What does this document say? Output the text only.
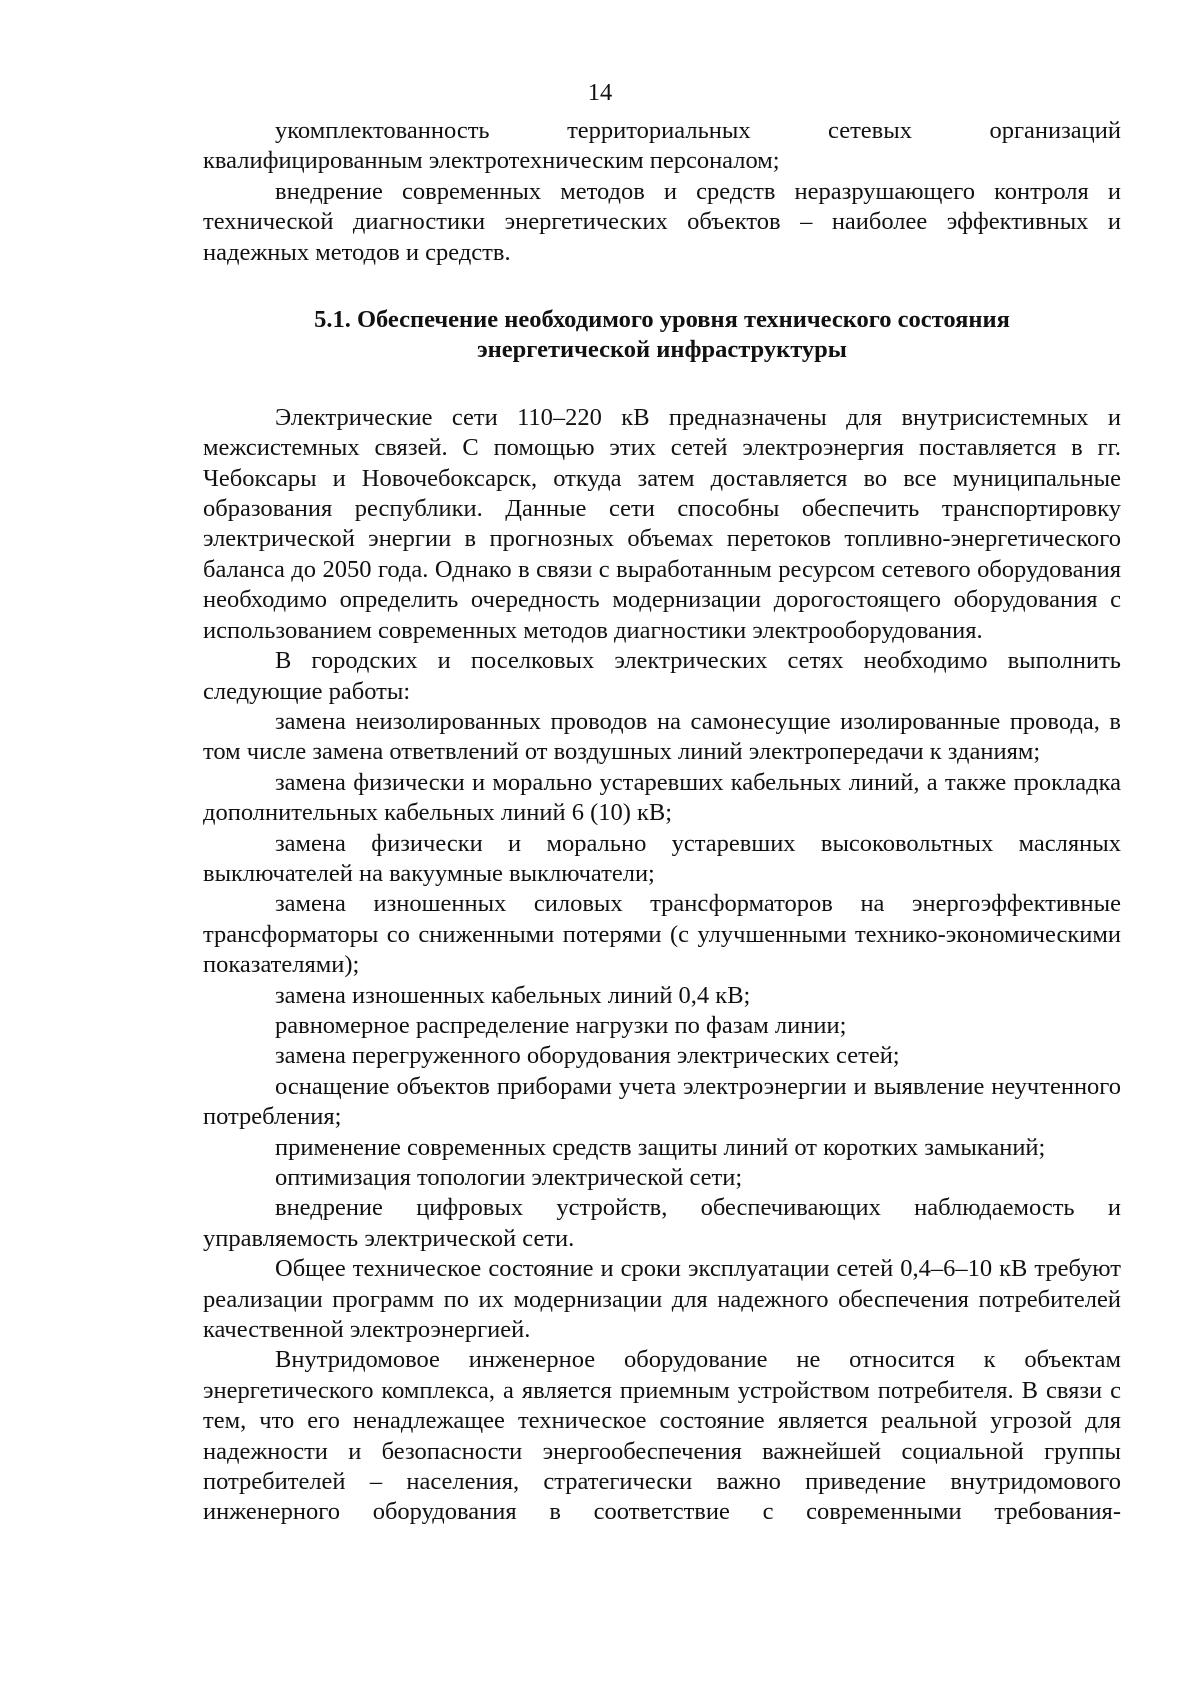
14

укомплектованность территориальных сетевых организаций квалифицированным электротехническим персоналом;

внедрение современных методов и средств неразрушающего контроля и технической диагностики энергетических объектов – наиболее эффективных и надежных методов и средств.

5.1. Обеспечение необходимого уровня технического состояния
энергетической инфраструктуры

Электрические сети 110–220 кВ предназначены для внутрисистемных и межсистемных связей. С помощью этих сетей электроэнергия поставляется в гг. Чебоксары и Новочебоксарск, откуда затем доставляется во все муниципальные образования республики. Данные сети способны обеспечить транспортировку электрической энергии в прогнозных объемах перетоков топливно-энергетического баланса до 2050 года. Однако в связи с выработанным ресурсом сетевого оборудования необходимо определить очередность модернизации дорогостоящего оборудования с использованием современных методов диагностики электрооборудования.

В городских и поселковых электрических сетях необходимо выполнить следующие работы:

замена неизолированных проводов на самонесущие изолированные провода, в том числе замена ответвлений от воздушных линий электропередачи к зданиям;

замена физически и морально устаревших кабельных линий, а также прокладка дополнительных кабельных линий 6 (10) кВ;

замена физически и морально устаревших высоковольтных масляных выключателей на вакуумные выключатели;

замена изношенных силовых трансформаторов на энергоэффективные трансформаторы со сниженными потерями (с улучшенными технико-экономическими показателями);

замена изношенных кабельных линий 0,4 кВ;

равномерное распределение нагрузки по фазам линии;

замена перегруженного оборудования электрических сетей;

оснащение объектов приборами учета электроэнергии и выявление неучтенного потребления;

применение современных средств защиты линий от коротких замыканий;

оптимизация топологии электрической сети;

внедрение цифровых устройств, обеспечивающих наблюдаемость и управляемость электрической сети.

Общее техническое состояние и сроки эксплуатации сетей 0,4–6–10 кВ требуют реализации программ по их модернизации для надежного обеспечения потребителей качественной электроэнергией.

Внутридомовое инженерное оборудование не относится к объектам энергетического комплекса, а является приемным устройством потребителя. В связи с тем, что его ненадлежащее техническое состояние является реальной угрозой для надежности и безопасности энергообеспечения важнейшей социальной группы потребителей – населения, стратегически важно приведение внутридомового инженерного оборудования в соответствие с современными требования-
